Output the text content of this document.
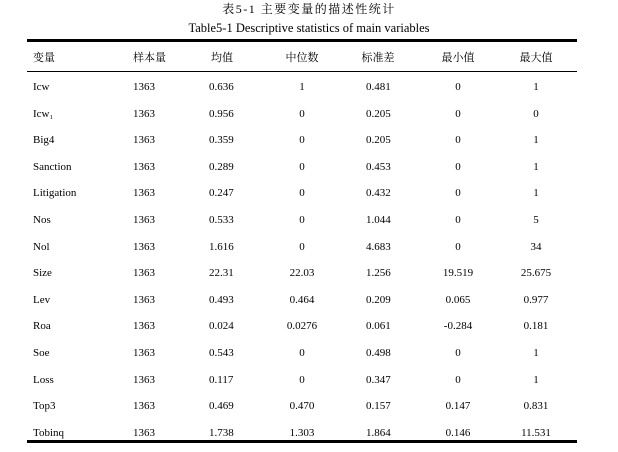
表5-1 主要变量的描述性统计
Table5-1 Descriptive statistics of main variables
变量	样本量	均值	中位数	标准差	最小值	最大值
Icw	1363	0.636	1	0.481	0	1
Icw₁	1363	0.956	0	0.205	0	0
Big4	1363	0.359	0	0.205	0	1
Sanction	1363	0.289	0	0.453	0	1
Litigation	1363	0.247	0	0.432	0	1
Nos	1363	0.533	0	1.044	0	5
Nol	1363	1.616	0	4.683	0	34
Size	1363	22.31	22.03	1.256	19.519	25.675
Lev	1363	0.493	0.464	0.209	0.065	0.977
Roa	1363	0.024	0.0276	0.061	-0.284	0.181
Soe	1363	0.543	0	0.498	0	1
Loss	1363	0.117	0	0.347	0	1
Top3	1363	0.469	0.470	0.157	0.147	0.831
Tobinq	1363	1.738	1.303	1.864	0.146	11.531
